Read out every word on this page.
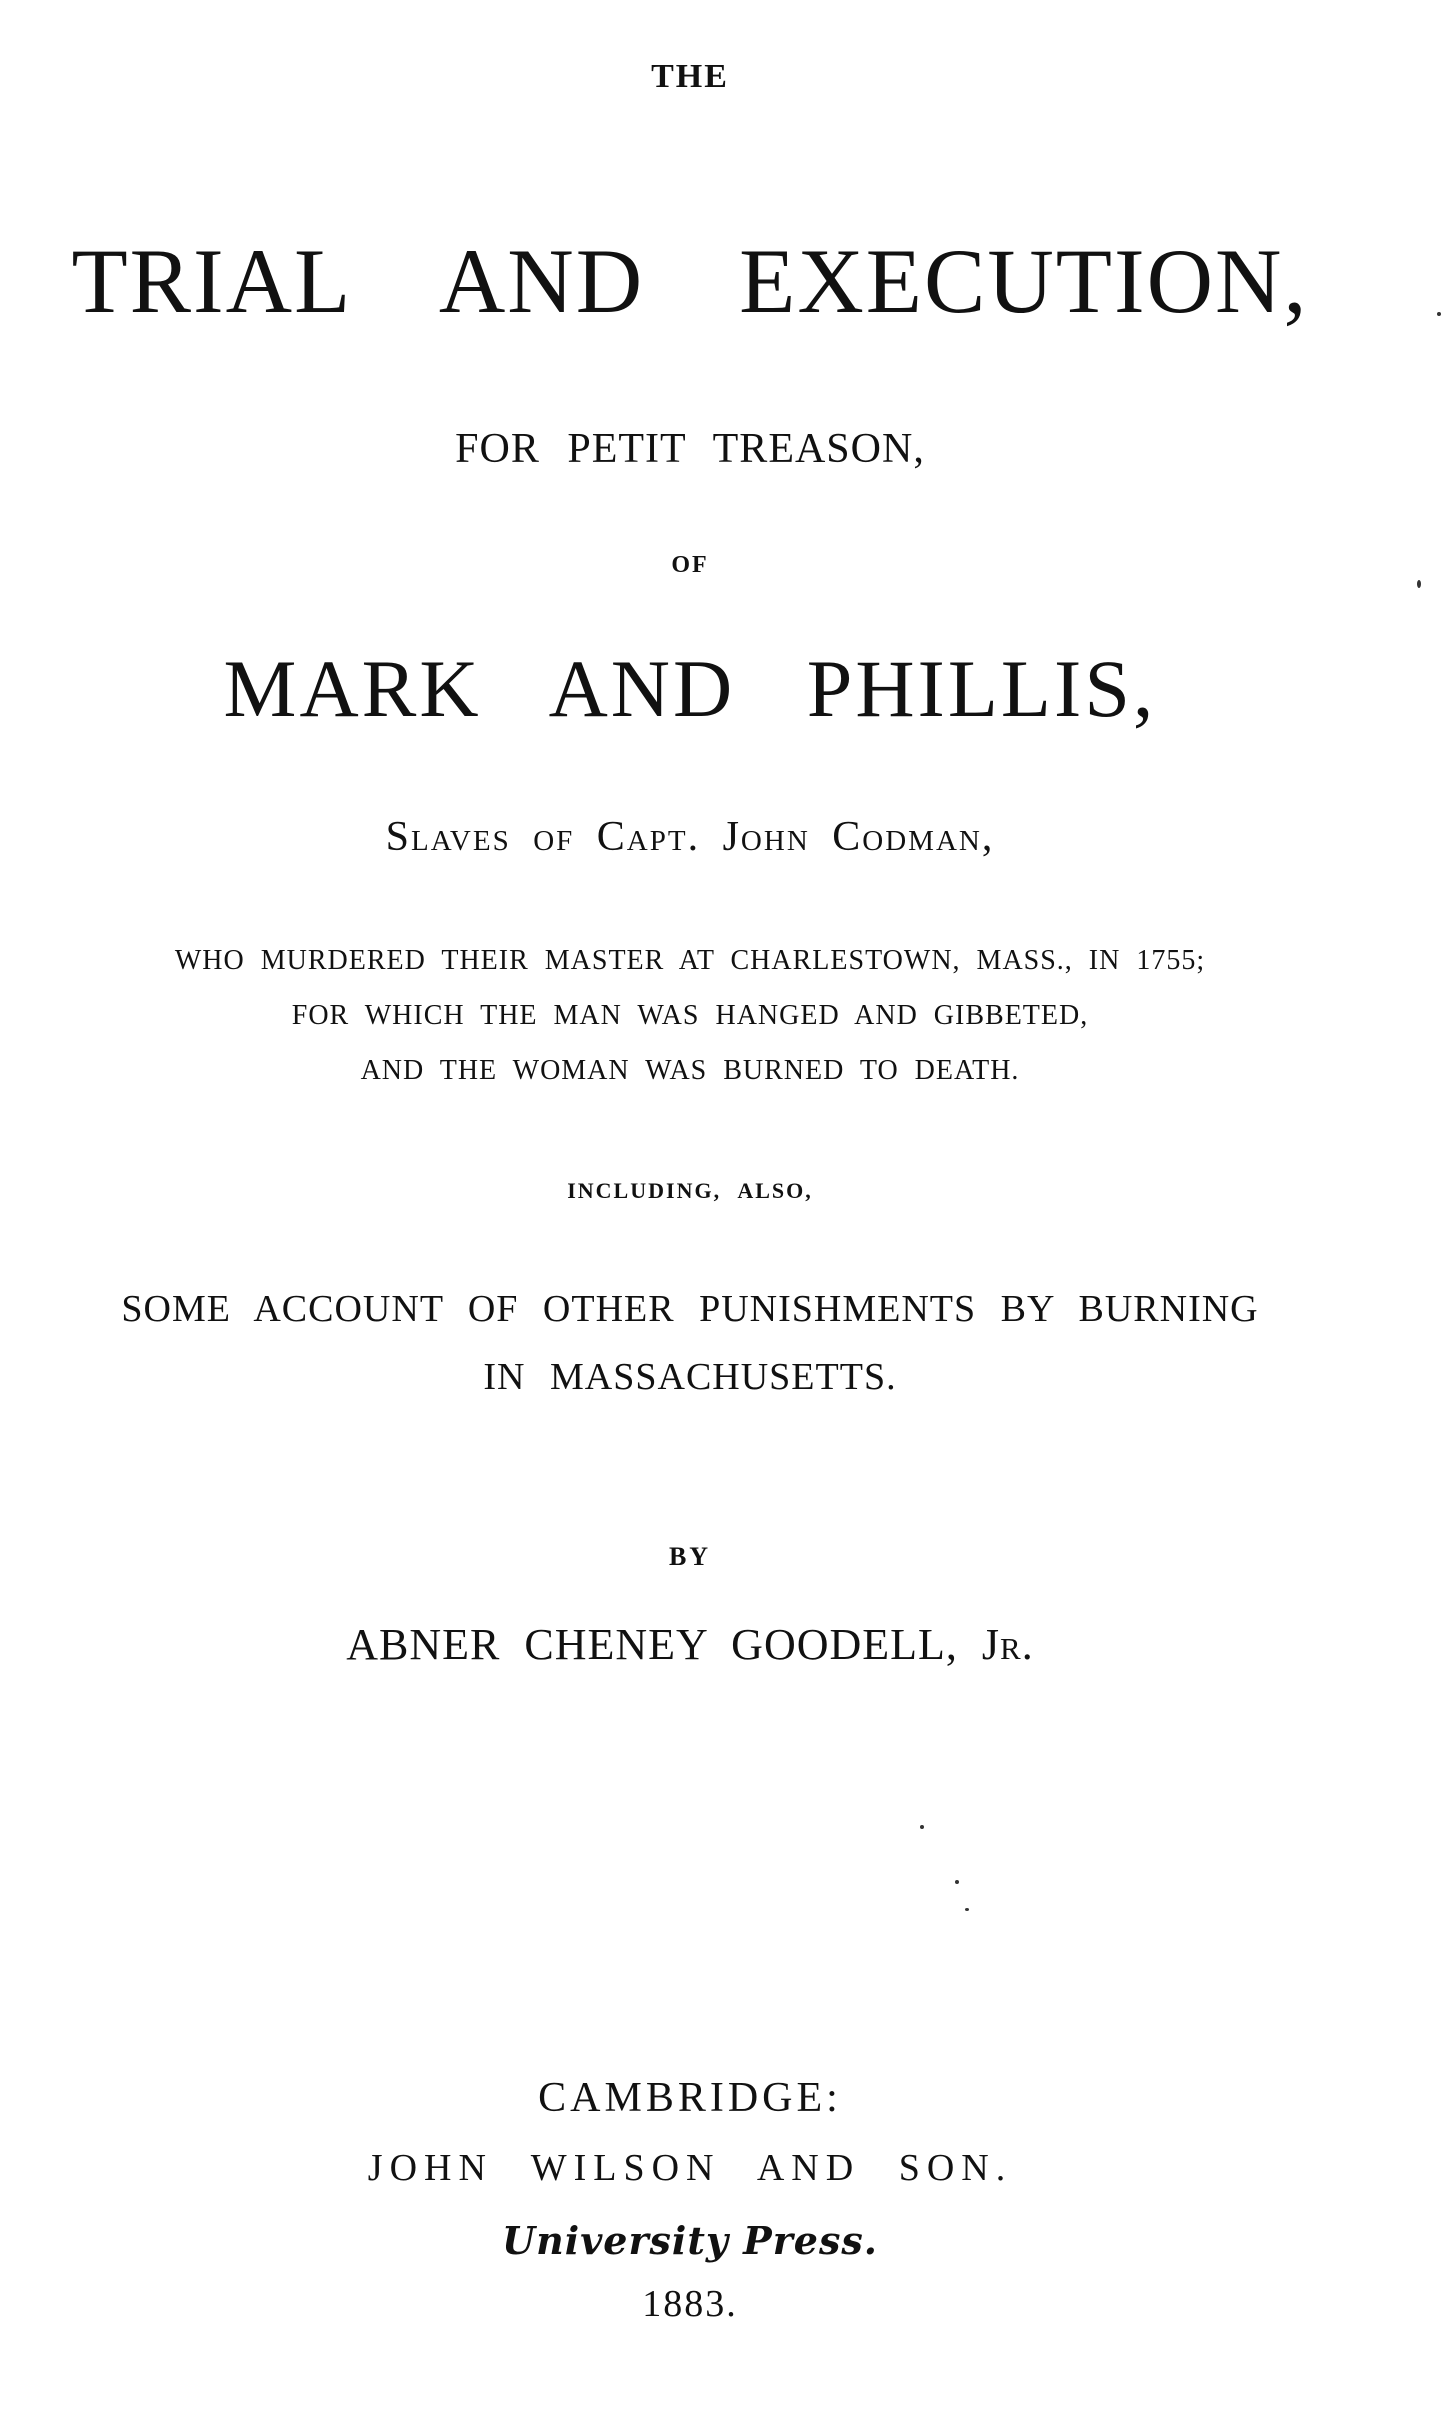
THE

TRIAL AND EXECUTION,

FOR PETIT TREASON,

OF

MARK AND PHILLIS,

Slaves of Capt. John Codman,

WHO MURDERED THEIR MASTER AT CHARLESTOWN, MASS., IN 1755;

FOR WHICH THE MAN WAS HANGED AND GIBBETED,

AND THE WOMAN WAS BURNED TO DEATH.

INCLUDING, ALSO,

SOME ACCOUNT OF OTHER PUNISHMENTS BY BURNING

IN MASSACHUSETTS.

BY

ABNER CHENEY GOODELL, Jr.

CAMBRIDGE:

JOHN WILSON AND SON.

University Press.

1883.
